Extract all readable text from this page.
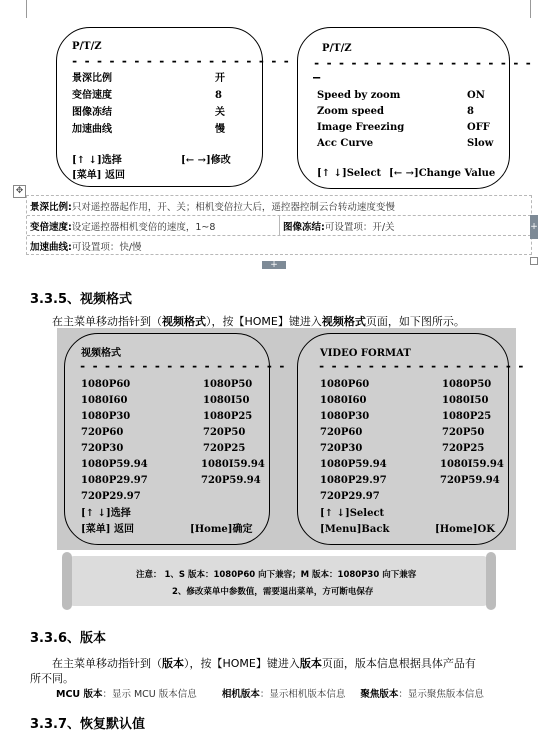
P/T/Z
- - - - - - - - - - - - - - - - - -
景深比例	开
变倍速度	8
图像冻结	关
加速曲线	慢
[↑ ↓]选择	[← →]修改
[菜单] 返回
P/T/Z
- - - - - - - - - - - - - - - - - -
–
Speed by zoom	ON
Zoom speed	8
Image Freezing	OFF
Acc Curve	Slow
[↑ ↓]Select [← →]Change Value
✥
景深比例:只对遥控器起作用，开、关；相机变倍拉大后，遥控器控制云台转动速度变慢
变倍速度:设定遥控器相机变倍的速度，1~8	图像冻结:可设置项：开/关
加速曲线:可设置项：快/慢
+
+
3.3.5、视频格式
在主菜单移动指针到（视频格式），按【HOME】键进入视频格式页面，如下图所示。
视频格式
- - - - - - - - - - - - - - - - -
1080P60	1080P50
1080I60	1080I50
1080P30	1080P25
720P60	720P50
720P30	720P25
1080P59.94	1080I59.94
1080P29.97	720P59.94
720P29.97
[↑ ↓]选择
[菜单] 返回	[Home]确定
VIDEO FORMAT
- - - - - - - - - - - - - - - - -
1080P60	1080P50
1080I60	1080I50
1080P30	1080P25
720P60	720P50
720P30	720P25
1080P59.94	1080I59.94
1080P29.97	720P59.94
720P29.97
[↑ ↓]Select
[Menu]Back	[Home]OK
注意： 1、S 版本：1080P60 向下兼容；M 版本：1080P30 向下兼容
2、修改菜单中参数值，需要退出菜单，方可断电保存
3.3.6、版本
在主菜单移动指针到（版本），按【HOME】键进入版本页面，版本信息根据具体产品有
所不同。
MCU 版本：显示 MCU 版本信息	相机版本：显示相机版本信息 聚焦版本：显示聚焦版本信息
3.3.7、恢复默认值
